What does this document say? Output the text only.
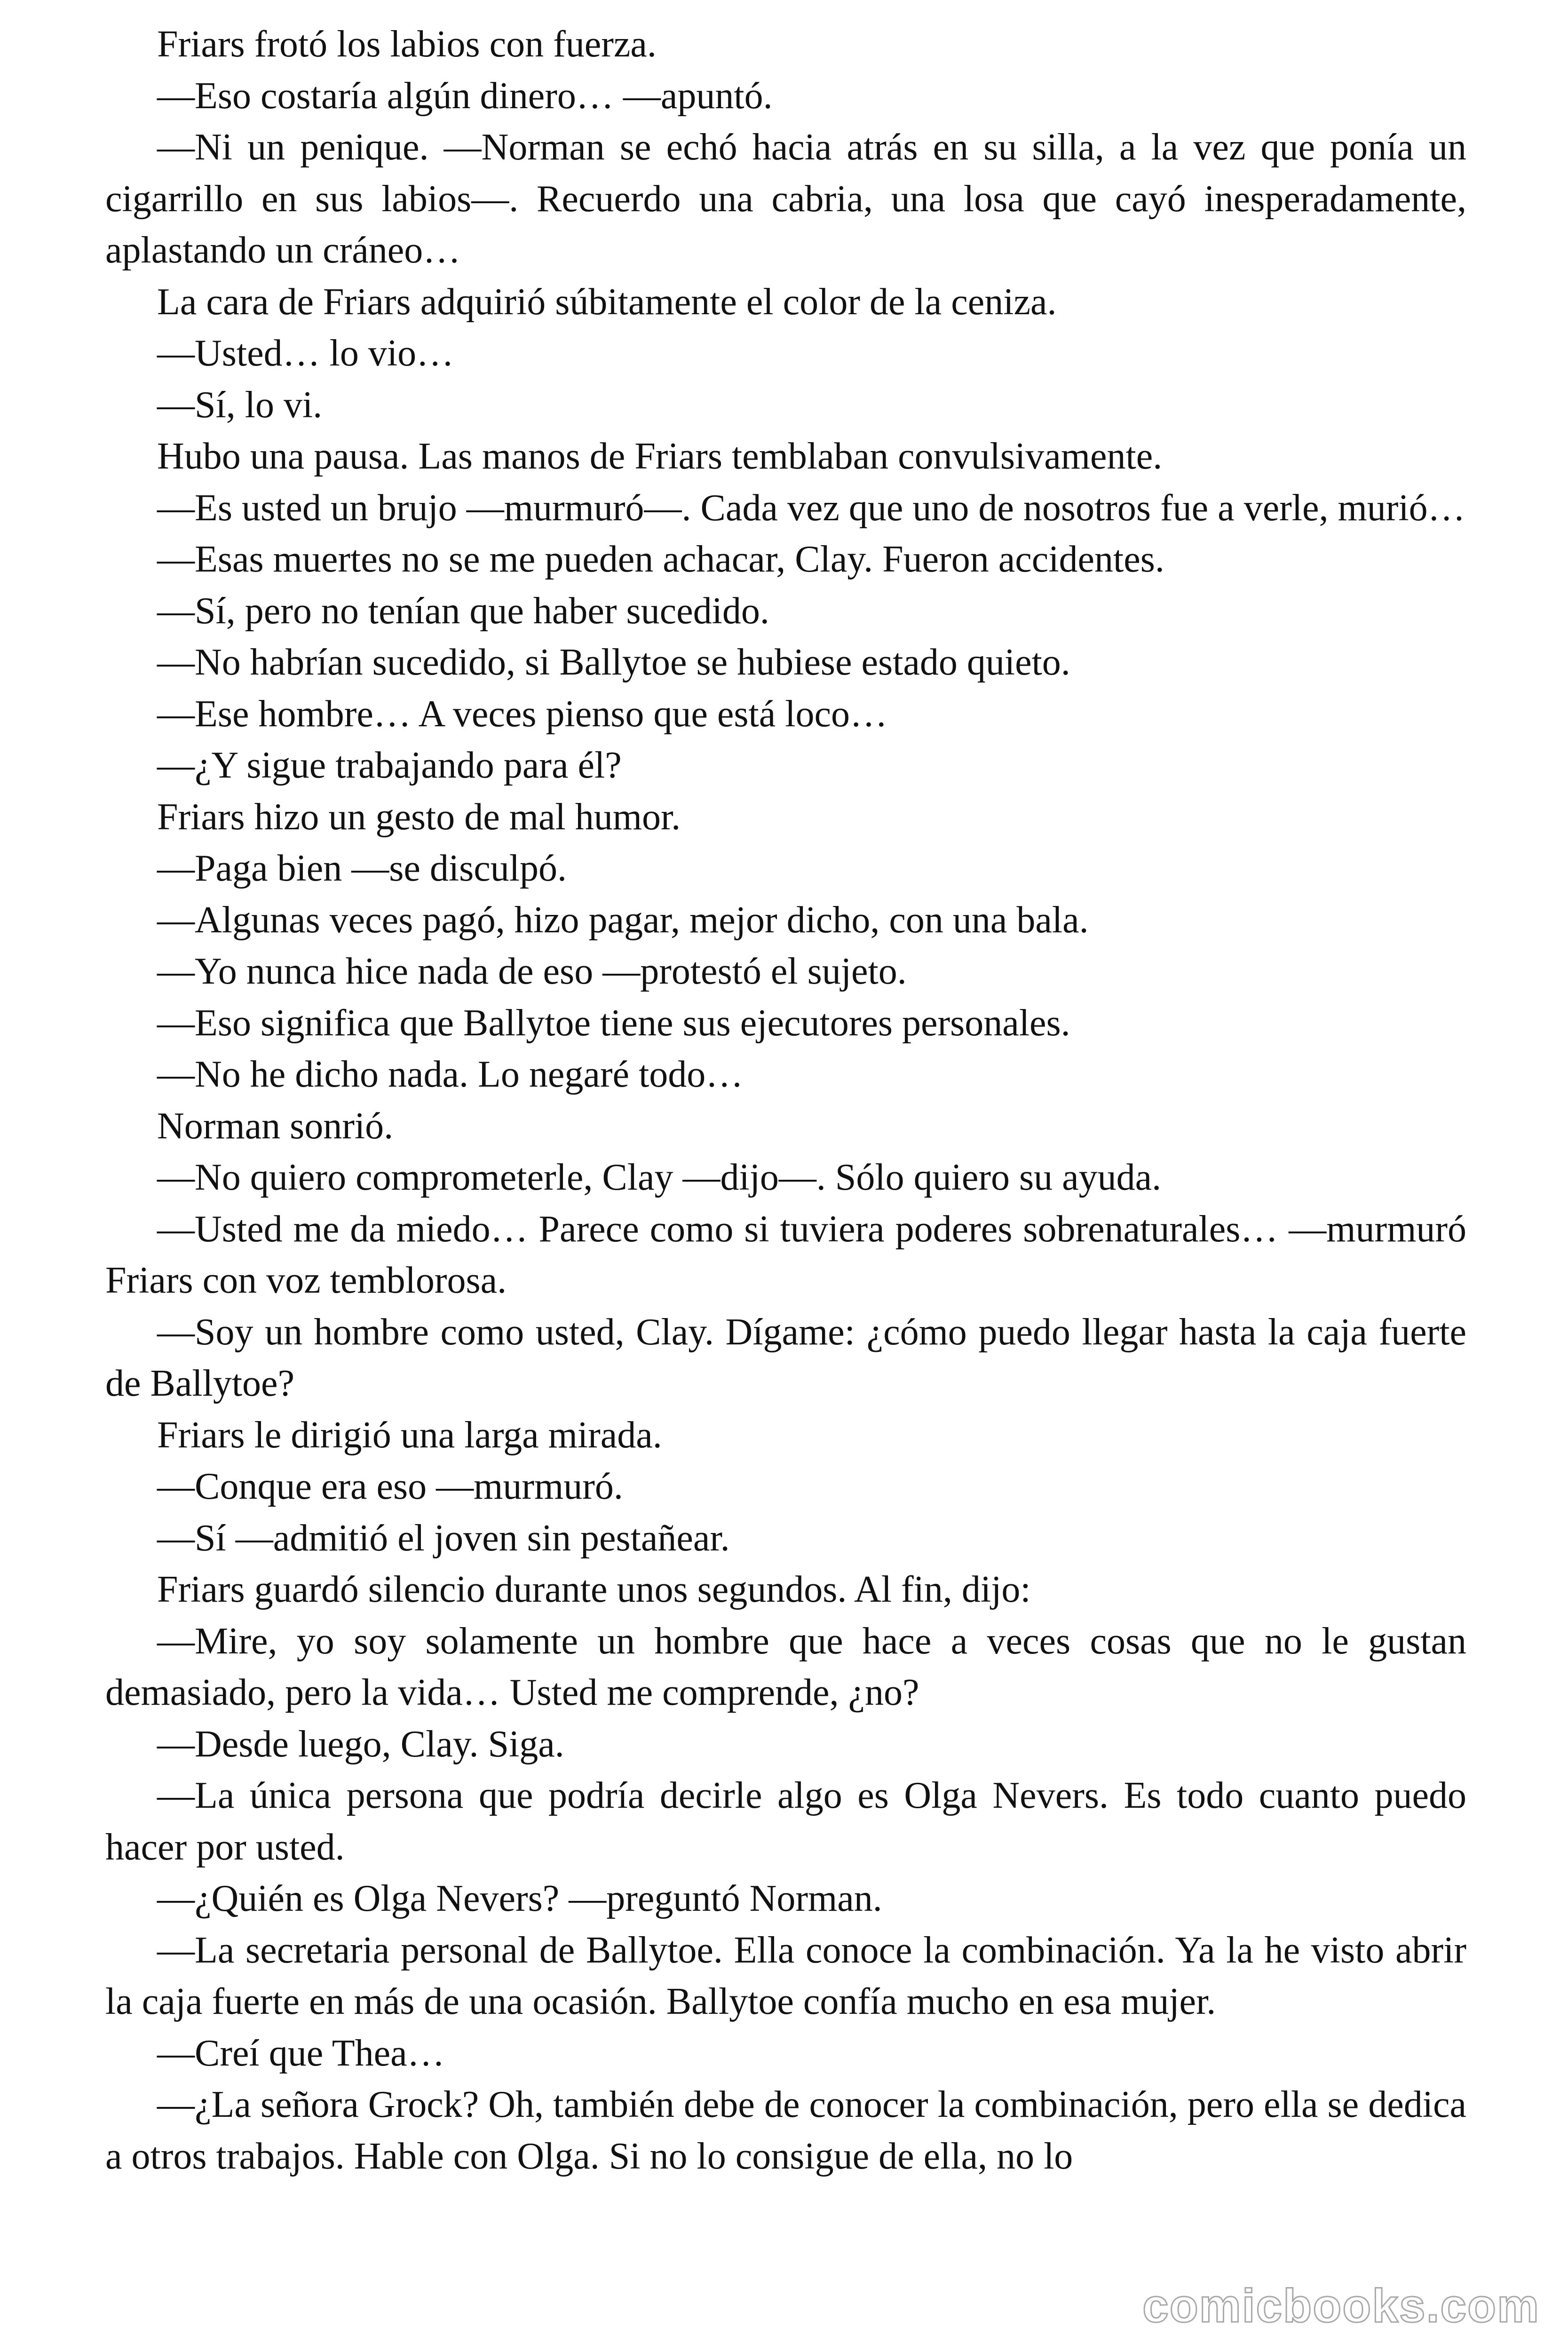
Friars frotó los labios con fuerza.

—Eso costaría algún dinero… —apuntó.

—Ni un penique. —Norman se echó hacia atrás en su silla, a la vez que ponía un cigarrillo en sus labios—. Recuerdo una cabria, una losa que cayó inesperadamente, aplastando un cráneo…

La cara de Friars adquirió súbitamente el color de la ceniza.

—Usted… lo vio…

—Sí, lo vi.

Hubo una pausa. Las manos de Friars temblaban convulsivamente.

—Es usted un brujo —murmuró—. Cada vez que uno de nosotros fue a verle, murió…

—Esas muertes no se me pueden achacar, Clay. Fueron accidentes.

—Sí, pero no tenían que haber sucedido.

—No habrían sucedido, si Ballytoe se hubiese estado quieto.

—Ese hombre… A veces pienso que está loco…

—¿Y sigue trabajando para él?

Friars hizo un gesto de mal humor.

—Paga bien —se disculpó.

—Algunas veces pagó, hizo pagar, mejor dicho, con una bala.

—Yo nunca hice nada de eso —protestó el sujeto.

—Eso significa que Ballytoe tiene sus ejecutores personales.

—No he dicho nada. Lo negaré todo…

Norman sonrió.

—No quiero comprometerle, Clay —dijo—. Sólo quiero su ayuda.

—Usted me da miedo… Parece como si tuviera poderes sobrenaturales… —murmuró Friars con voz temblorosa.

—Soy un hombre como usted, Clay. Dígame: ¿cómo puedo llegar hasta la caja fuerte de Ballytoe?

Friars le dirigió una larga mirada.

—Conque era eso —murmuró.

—Sí —admitió el joven sin pestañear.

Friars guardó silencio durante unos segundos. Al fin, dijo:

—Mire, yo soy solamente un hombre que hace a veces cosas que no le gustan demasiado, pero la vida… Usted me comprende, ¿no?

—Desde luego, Clay. Siga.

—La única persona que podría decirle algo es Olga Nevers. Es todo cuanto puedo hacer por usted.

—¿Quién es Olga Nevers? —preguntó Norman.

—La secretaria personal de Ballytoe. Ella conoce la combinación. Ya la he visto abrir la caja fuerte en más de una ocasión. Ballytoe confía mucho en esa mujer.

—Creí que Thea…

—¿La señora Grock? Oh, también debe de conocer la combinación, pero ella se dedica a otros trabajos. Hable con Olga. Si no lo consigue de ella, no lo

comicbooks.com
